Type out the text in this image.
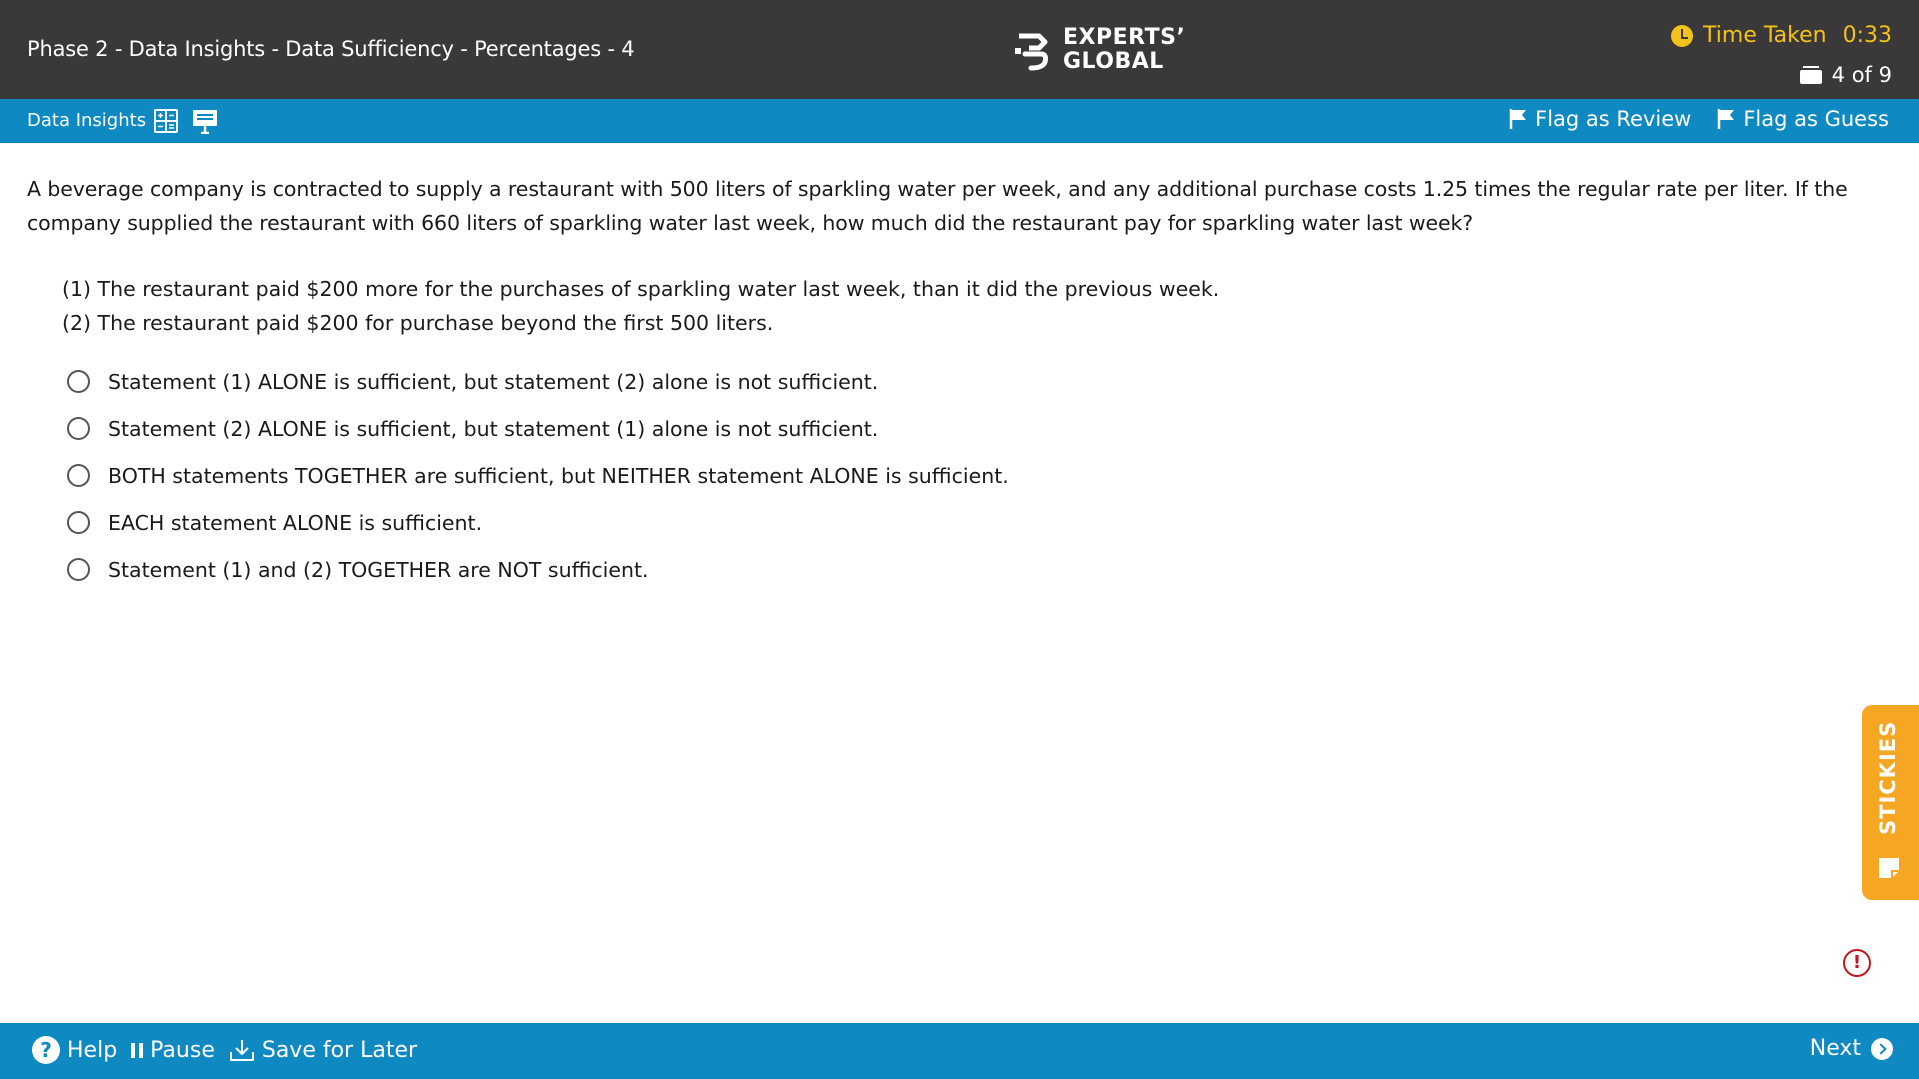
Phase 2 - Data Insights - Data Sufficiency - Percentages - 4	EXPERTS’
GLOBAL
Time Taken 0:33
4 of 9
Data Insights	Flag as Review Flag as Guess

A beverage company is contracted to supply a restaurant with 500 liters of sparkling water per week, and any additional purchase costs 1.25 times the regular rate per liter. If the company supplied the restaurant with 660 liters of sparkling water last week, how much did the restaurant pay for sparkling water last week?

(1) The restaurant paid $200 more for the purchases of sparkling water last week, than it did the previous week.
(2) The restaurant paid $200 for purchase beyond the first 500 liters.
Statement (1) ALONE is sufficient, but statement (2) alone is not sufficient.
Statement (2) ALONE is sufficient, but statement (1) alone is not sufficient.
BOTH statements TOGETHER are sufficient, but NEITHER statement ALONE is sufficient.
EACH statement ALONE is sufficient.
Statement (1) and (2) TOGETHER are NOT sufficient.
STICKIES
!
? Help Pause Save for Later	Next
